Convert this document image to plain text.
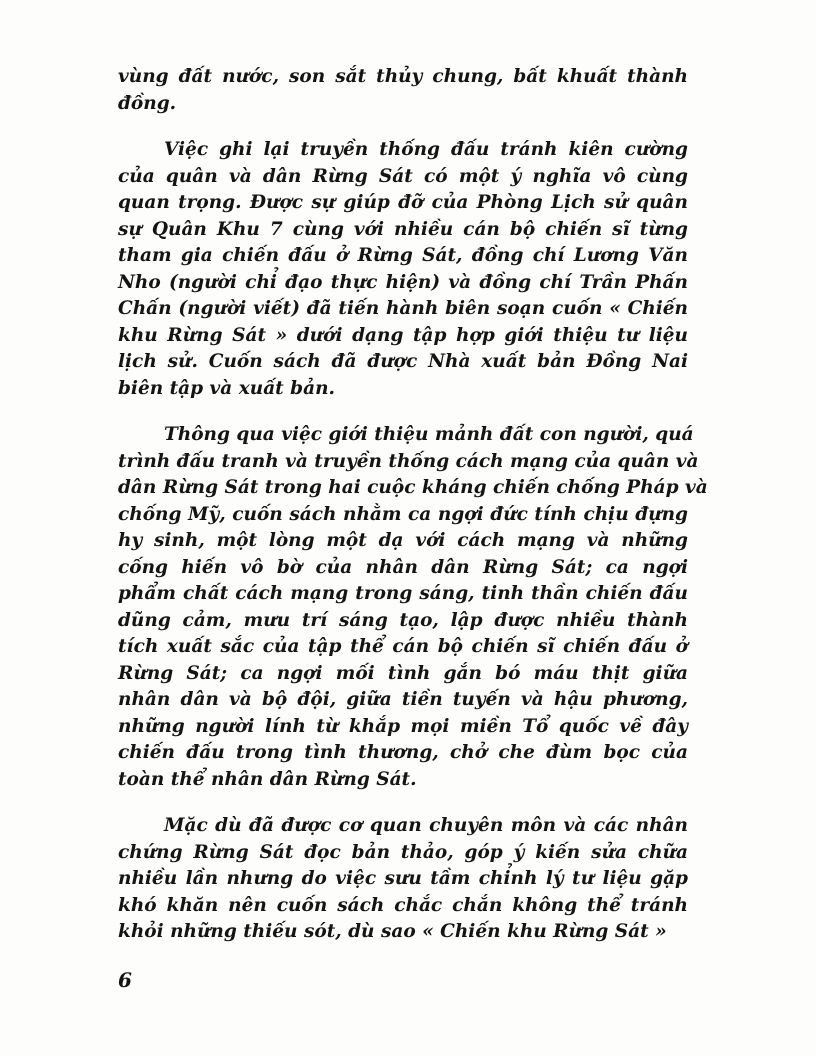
vùng đất nước, son sắt thủy chung, bất khuất thành
đồng.
Việc ghi lại truyền thống đấu tránh kiên cường
của quân và dân Rừng Sát có một ý nghĩa vô cùng
quan trọng. Được sự giúp đỡ của Phòng Lịch sử quân
sự Quân Khu 7 cùng với nhiều cán bộ chiến sĩ từng
tham gia chiến đấu ở Rừng Sát, đồng chí Lương Văn
Nho (người chỉ đạo thực hiện) và đồng chí Trần Phấn
Chấn (người viết) đã tiến hành biên soạn cuốn « Chiến
khu Rừng Sát » dưới dạng tập hợp giới thiệu tư liệu
lịch sử. Cuốn sách đã được Nhà xuất bản Đồng Nai
biên tập và xuất bản.
Thông qua việc giới thiệu mảnh đất con người, quá
trình đấu tranh và truyền thống cách mạng của quân và
dân Rừng Sát trong hai cuộc kháng chiến chống Pháp và
chống Mỹ, cuốn sách nhằm ca ngợi đức tính chịu đựng
hy sinh, một lòng một dạ với cách mạng và những
cống hiến vô bờ của nhân dân Rừng Sát; ca ngợi
phẩm chất cách mạng trong sáng, tinh thần chiến đấu
dũng cảm, mưu trí sáng tạo, lập được nhiều thành
tích xuất sắc của tập thể cán bộ chiến sĩ chiến đấu ở
Rừng Sát; ca ngợi mối tình gắn bó máu thịt giữa
nhân dân và bộ đội, giữa tiền tuyến và hậu phương,
những người lính từ khắp mọi miền Tổ quốc về đây
chiến đấu trong tình thương, chở che đùm bọc của
toàn thể nhân dân Rừng Sát.
Mặc dù đã được cơ quan chuyên môn và các nhân
chứng Rừng Sát đọc bản thảo, góp ý kiến sửa chữa
nhiều lần nhưng do việc sưu tầm chỉnh lý tư liệu gặp
khó khăn nên cuốn sách chắc chắn không thể tránh
khỏi những thiếu sót, dù sao « Chiến khu Rừng Sát »
6
